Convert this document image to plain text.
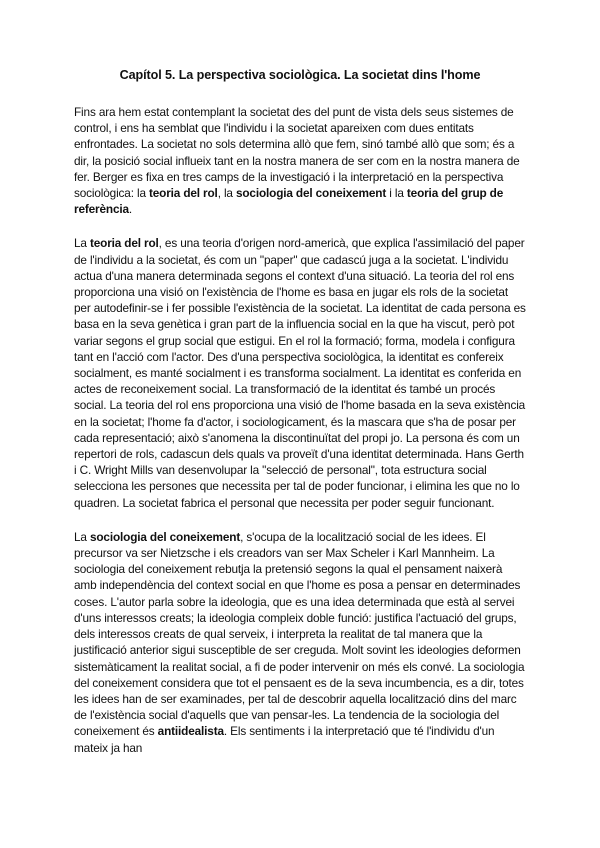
Capítol 5. La perspectiva sociològica. La societat dins l'home

Fins ara hem estat contemplant la societat des del punt de vista dels seus sistemes de control, i ens ha semblat que l'individu i la societat apareixen com dues entitats enfrontades. La societat no sols determina allò que fem, sinó també allò que som; és a dir, la posició social influeix tant en la nostra manera de ser com en la nostra manera de fer. Berger es fixa en tres camps de la investigació i la interpretació en la perspectiva sociològica: la teoria del rol, la sociologia del coneixement i la teoria del grup de referència.

La teoria del rol, es una teoria d'origen nord-americà, que explica l'assimilació del paper de l'individu a la societat, és com un "paper" que cadascú juga a la societat. L'individu actua d'una manera determinada segons el context d'una situació. La teoria del rol ens proporciona una visió on l'existència de l'home es basa en jugar els rols de la societat per autodefinir-se i fer possible l'existència de la societat. La identitat de cada persona es basa en la seva genètica i gran part de la influencia social en la que ha viscut, però pot variar segons el grup social que estigui. En el rol la formació; forma, modela i configura tant en l'acció com l'actor. Des d'una perspectiva sociològica, la identitat es confereix socialment, es manté socialment i es transforma socialment. La identitat es conferida en actes de reconeixement social. La transformació de la identitat és també un procés social. La teoria del rol ens proporciona una visió de l'home basada en la seva existència en la societat; l'home fa d'actor, i sociologicament, és la mascara que s'ha de posar per cada representació; això s'anomena la discontinuïtat del propi jo. La persona és com un repertori de rols, cadascun dels quals va proveït d'una identitat determinada. Hans Gerth i C. Wright Mills van desenvolupar la "selecció de personal", tota estructura social selecciona les persones que necessita per tal de poder funcionar, i elimina les que no lo quadren. La societat fabrica el personal que necessita per poder seguir funcionant.

La sociologia del coneixement, s'ocupa de la localització social de les idees. El precursor va ser Nietzsche i els creadors van ser Max Scheler i Karl Mannheim. La sociologia del coneixement rebutja la pretensió segons la qual el pensament naixerà amb independència del context social en que l'home es posa a pensar en determinades coses. L'autor parla sobre la ideologia, que es una idea determinada que està al servei d'uns interessos creats; la ideologia compleix doble funció: justifica l'actuació del grups, dels interessos creats de qual serveix, i interpreta la realitat de tal manera que la justificació anterior sigui susceptible de ser creguda. Molt sovint les ideologies deformen sistemàticament la realitat social, a fi de poder intervenir on més els convé. La sociologia del coneixement considera que tot el pensaent es de la seva incumbencia, es a dir, totes les idees han de ser examinades, per tal de descobrir aquella localització dins del marc de l'existència social d'aquells que van pensar-les. La tendencia de la sociologia del coneixement és antiidealista. Els sentiments i la interpretació que té l'individu d'un mateix ja han
